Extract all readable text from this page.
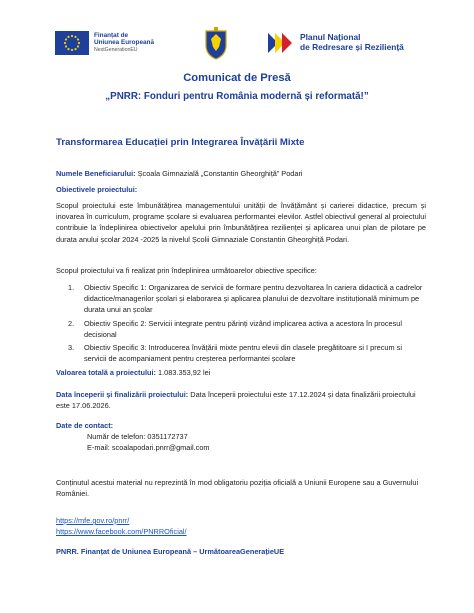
Finanțat de
Uniunea Europeană
NextGenerationEU
Planul Național
de Redresare și Reziliență
Comunicat de Presă
„PNRR: Fonduri pentru România modernă și reformată!”
Transformarea Educației prin Integrarea Învățării Mixte
Numele Beneficiarului: Școala Gimnazială „Constantin Gheorghiță” Podari
Obiectivele proiectului:
Scopul proiectului este îmbunătățirea managementului unității de învățământ și carierei didactice, precum și inovarea în curriculum, programe școlare si evaluarea performantei elevilor. Astfel obiectivul general al proiectului contribuie la îndeplinirea obiectivelor apelului prin îmbunătățirea rezilienței și aplicarea unui plan de pilotare pe durata anului școlar 2024 -2025 la nivelul Școlii Gimnaziale Constantin Gheorghiță Podari.
Scopul proiectului va fi realizat prin îndeplinirea următoarelor obiective specifice:
1.	Obiectiv Specific 1: Organizarea de servicii de formare pentru dezvoltarea în cariera didactică a cadrelor didactice/managerilor școlari și elaborarea și aplicarea planului de dezvoltare instituțională minimum pe durata unui an școlar
2.	Obiectiv Specific 2: Servicii integrate pentru părinți vizând implicarea activa a acestora în procesul decisional
3.	Obiectiv Specific 3: Introducerea învățării mixte pentru elevii din clasele pregătitoare si I precum si servicii de acompaniament pentru creșterea performantei școlare
Valoarea totală a proiectului: 1.083.353,92 lei
Data începerii și finalizării proiectului: Data începerii proiectului este 17.12.2024 și data finalizării proiectului este 17.06.2026.
Date de contact:
Număr de telefon: 0351172737
E-mail: scoalapodari.pnrr@gmail.com
Conținutul acestui material nu reprezintă în mod obligatoriu poziția oficială a Uniunii Europene sau a Guvernului României.
https://mfe.gov.ro/pnrr/
https://www.facebook.com/PNRROficial/
PNRR. Finanțat de Uniunea Europeană – UrmătoareaGenerațieUE
